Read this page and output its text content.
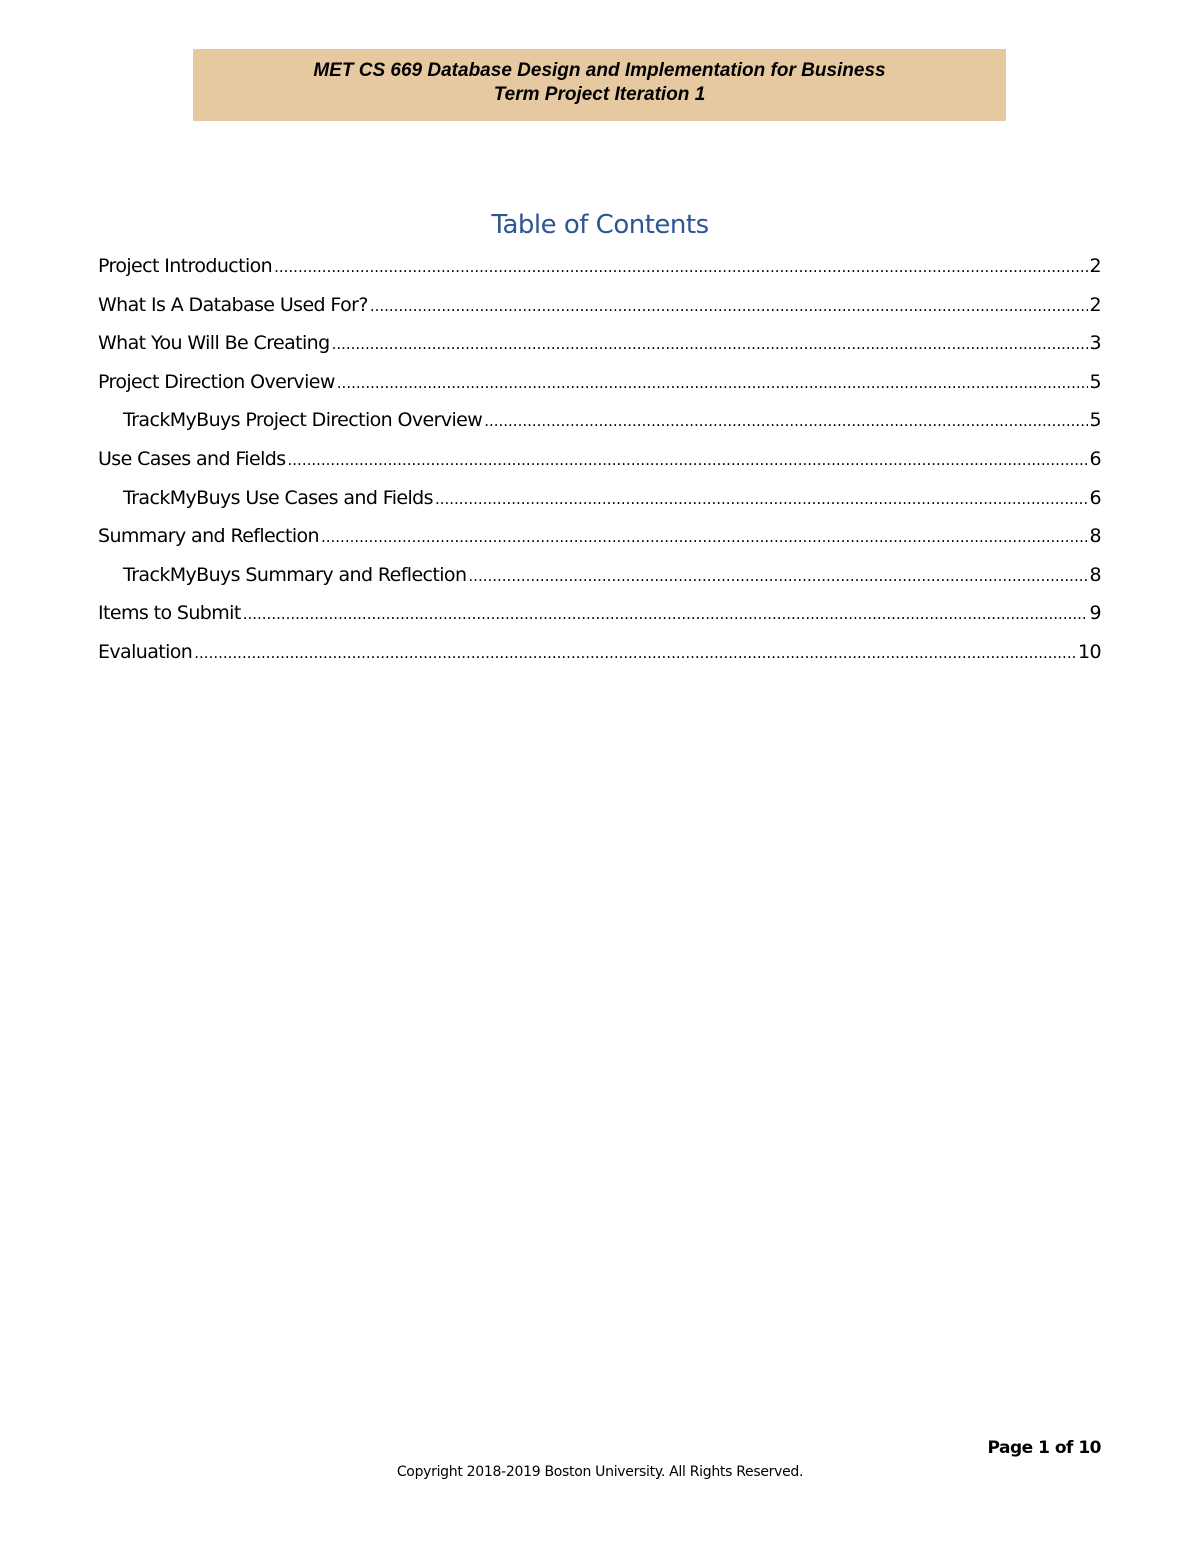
MET CS 669 Database Design and Implementation for Business
Term Project Iteration 1
Table of Contents
Project Introduction .....	2
What Is A Database Used For? .....	2
What You Will Be Creating .....	3
Project Direction Overview .....	5
TrackMyBuys Project Direction Overview .....	5
Use Cases and Fields .....	6
TrackMyBuys Use Cases and Fields .....	6
Summary and Reflection .....	8
TrackMyBuys Summary and Reflection .....	8
Items to Submit .....	9
Evaluation .....	10
Page 1 of 10
Copyright 2018-2019 Boston University. All Rights Reserved.
